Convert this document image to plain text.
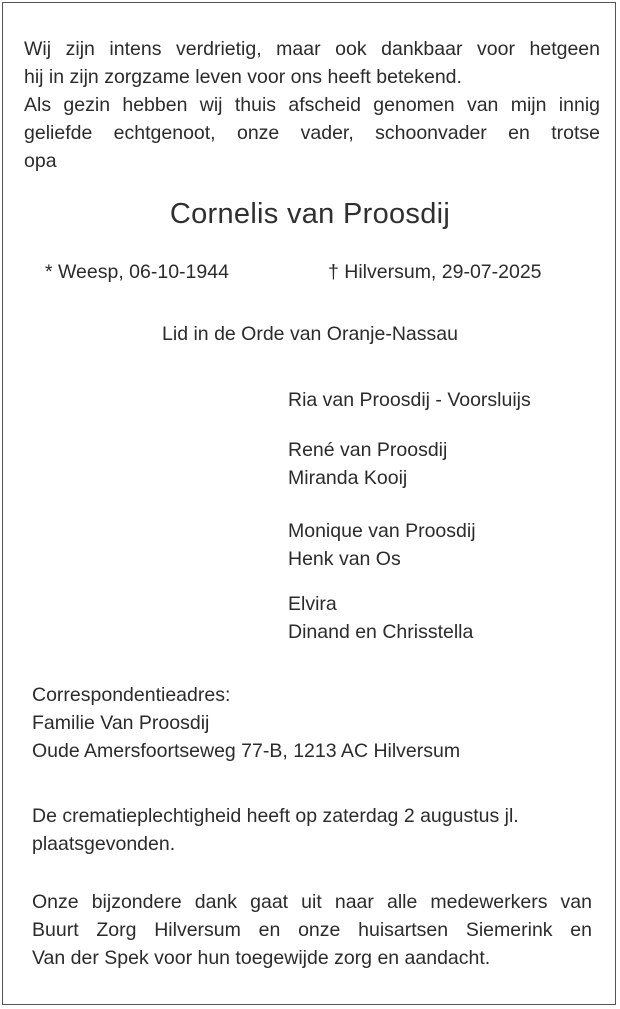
Wij zijn intens verdrietig, maar ook dankbaar voor hetgeen

hij in zijn zorgzame leven voor ons heeft betekend.

Als gezin hebben wij thuis afscheid genomen van mijn innig

geliefde echtgenoot, onze vader, schoonvader en trotse

opa

Cornelis van Proosdij
* Weesp, 06-10-1944	† Hilversum, 29-07-2025
Lid in de Orde van Oranje-Nassau
Ria van Proosdij - Voorsluijs
René van Proosdij
Miranda Kooij
Monique van Proosdij
Henk van Os
Elvira
Dinand en Chrisstella
Correspondentieadres:
Familie Van Proosdij
Oude Amersfoortseweg 77-B, 1213 AC Hilversum
De crematieplechtigheid heeft op zaterdag 2 augustus jl.
plaatsgevonden.
Onze bijzondere dank gaat uit naar alle medewerkers van
Buurt Zorg Hilversum en onze huisartsen Siemerink en
Van der Spek voor hun toegewijde zorg en aandacht.
